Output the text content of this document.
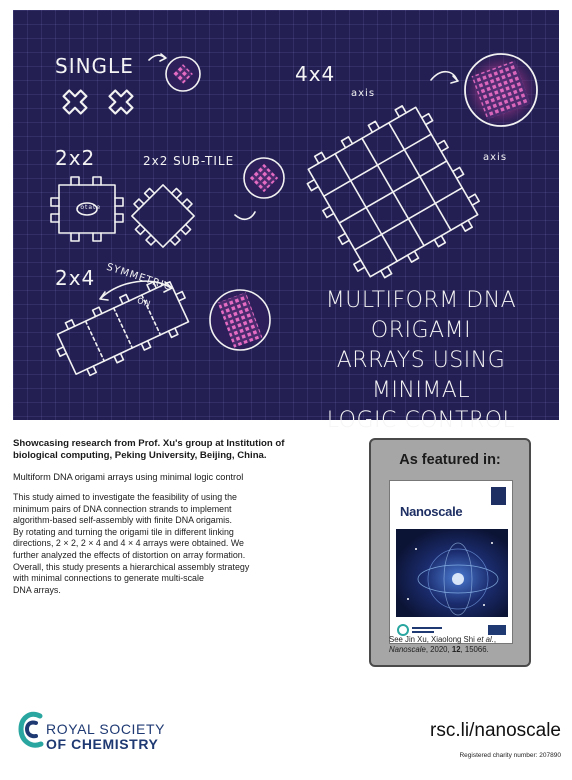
SINGLE
2x2	2x2 SUB-TILE
2x4 SYMMETRIC
ON
4x4
axis
axis
rotate
MULTIFORM DNA ORIGAMI
ARRAYS USING MINIMAL
LOGIC CONTROL

Showcasing research from Prof. Xu's group at Institution of biological computing, Peking University, Beijing, China.

Multiform DNA origami arrays using minimal logic control

This study aimed to investigate the feasibility of using the
minimum pairs of DNA connection strands to implement
algorithm-based self-assembly with finite DNA origamis.
By rotating and turning the origami tile in different linking
directions, 2 × 2, 2 × 4 and 4 × 4 arrays were obtained. We
further analyzed the effects of distortion on array formation.
Overall, this study presents a hierarchical assembly strategy
with minimal connections to generate multi-scale
DNA arrays.
As featured in:
Nanoscale
See Jin Xu, Xiaolong Shi et al., Nanoscale, 2020, 12, 15066.
ROYAL SOCIETY
OF CHEMISTRY
rsc.li/nanoscale
Registered charity number: 207890
